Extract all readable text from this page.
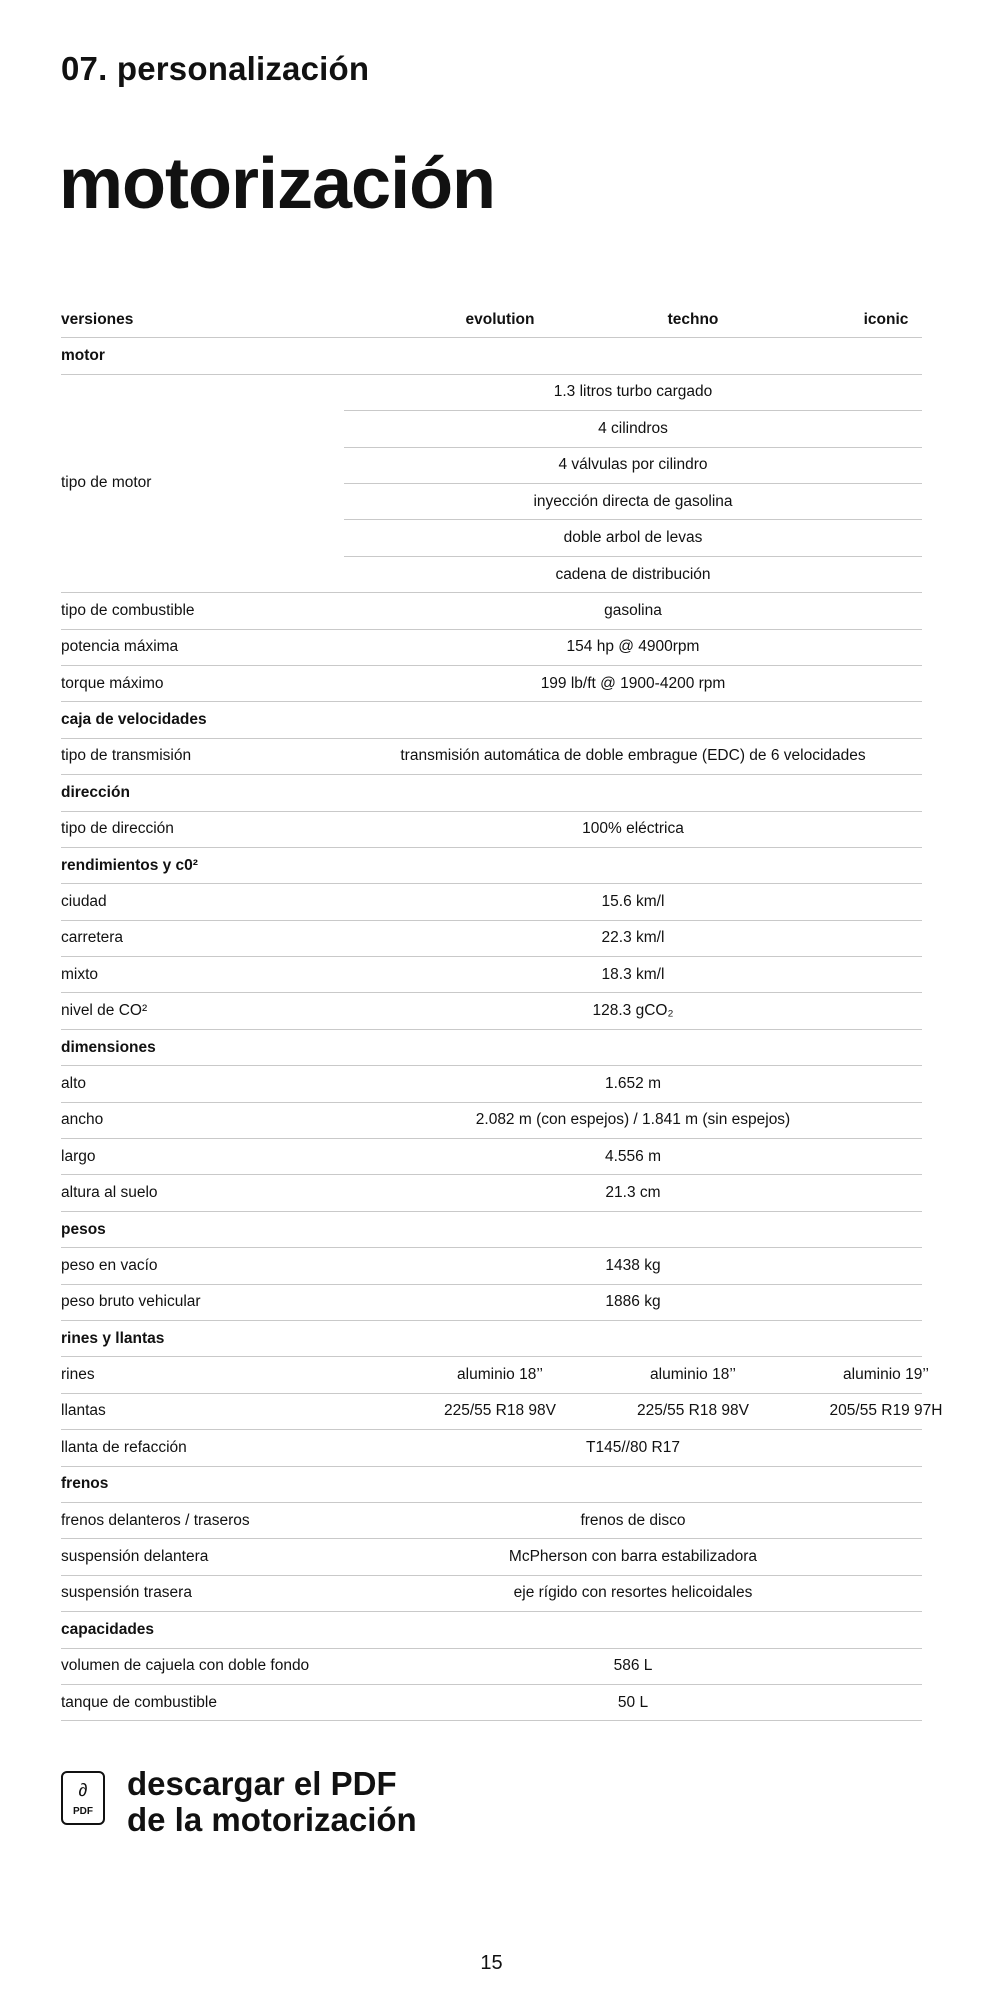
07. personalización
motorización
versiones	evolution	techno	iconic
motor
tipo de motor
1.3 litros turbo cargado
4 cilindros
4 válvulas por cilindro
inyección directa de gasolina
doble arbol de levas
cadena de distribución
tipo de combustible	gasolina
potencia máxima	154 hp @ 4900rpm
torque máximo	199 lb/ft @ 1900-4200 rpm
caja de velocidades
tipo de transmisión	transmisión automática de doble embrague (EDC) de 6 velocidades
dirección
tipo de dirección	100% eléctrica
rendimientos y c0²
ciudad	15.6 km/l
carretera	22.3 km/l
mixto	18.3 km/l
nivel de CO²	128.3 gCO₂
dimensiones
alto	1.652 m
ancho	2.082 m (con espejos) / 1.841 m (sin espejos)
largo	4.556 m
altura al suelo	21.3 cm
pesos
peso en vacío	1438 kg
peso bruto vehicular	1886 kg
rines y llantas
rines	aluminio 18’’	aluminio 18’’	aluminio 19’’
llantas	225/55 R18 98V	225/55 R18 98V	205/55 R19 97H
llanta de refacción	T145//80 R17
frenos
frenos delanteros / traseros	frenos de disco
suspensión delantera	McPherson con barra estabilizadora
suspensión trasera	eje rígido con resortes helicoidales
capacidades
volumen de cajuela con doble fondo	586 L
tanque de combustible	50 L
∂
PDF
descargar el PDF
de la motorización
15
